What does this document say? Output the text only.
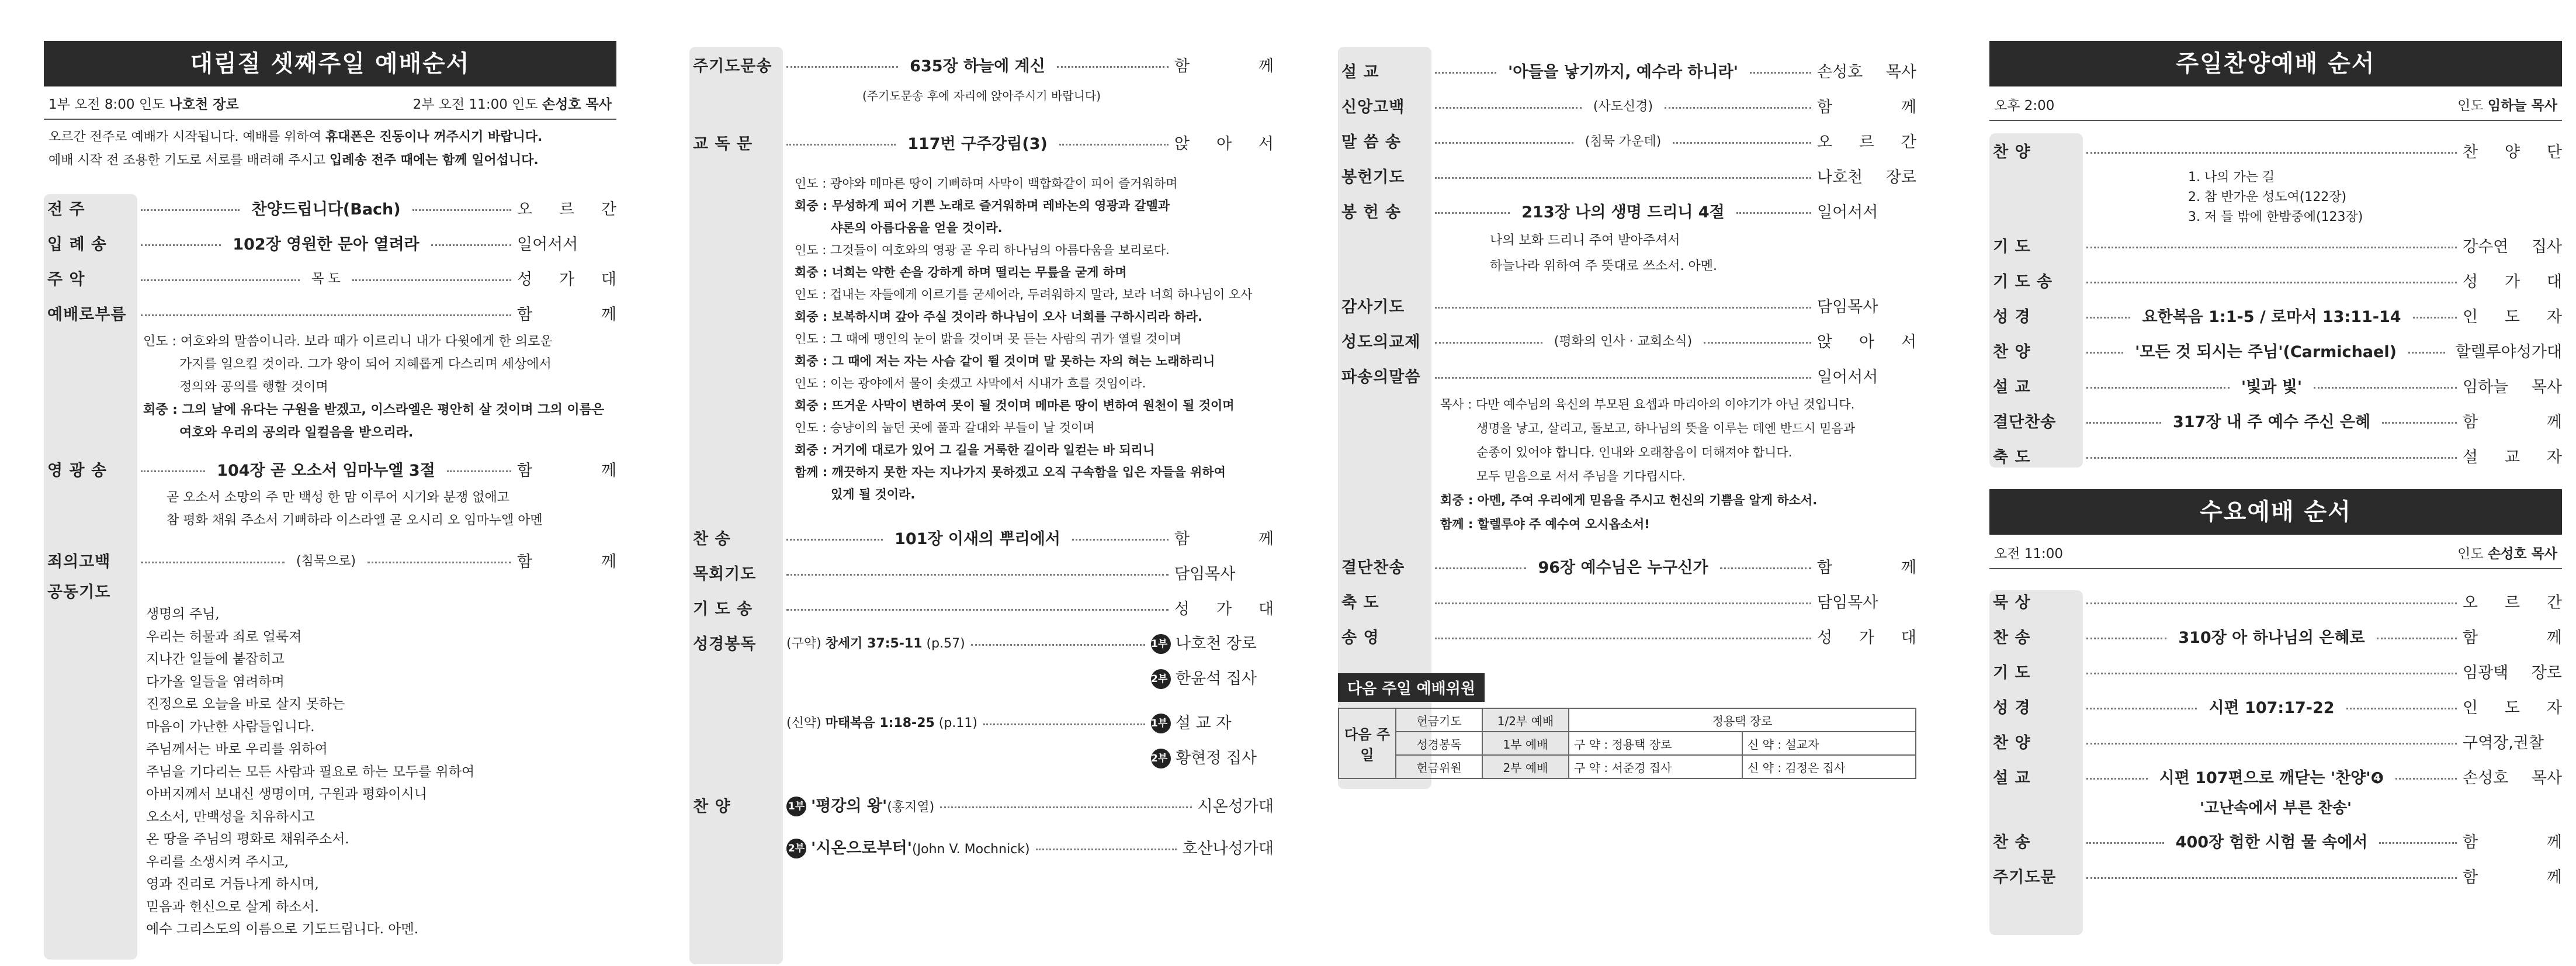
대림절 셋째주일 예배순서
1부 오전 8:00 인도 나호천 장로	2부 오전 11:00 인도 손성호 목사
오르간 전주로 예배가 시작됩니다. 예배를 위하여 휴대폰은 진동이나 꺼주시기 바랍니다.
예배 시작 전 조용한 기도로 서로를 배려해 주시고 입례송 전주 때에는 함께 일어섭니다.
전 주	찬양드립니다(Bach)	오 르 간
입 례 송	102장 영원한 문아 열려라	일어서서
주 악	목 도	성 가 대
예배로부름	함 께
인도 : 여호와의 말씀이니라. 보라 때가 이르리니 내가 다윗에게 한 의로운
가지를 일으킬 것이라. 그가 왕이 되어 지혜롭게 다스리며 세상에서
정의와 공의를 행할 것이며
회중 : 그의 날에 유다는 구원을 받겠고, 이스라엘은 평안히 살 것이며 그의 이름은
여호와 우리의 공의라 일컬음을 받으리라.
영 광 송	104장 곧 오소서 임마누엘 3절	함 께
곧 오소서 소망의 주 만 백성 한 맘 이루어 시기와 분쟁 없애고
참 평화 채워 주소서 기뻐하라 이스라엘 곧 오시리 오 임마누엘 아멘
죄의고백	(침묵으로)	함 께
공동기도
생명의 주님,
우리는 허물과 죄로 얼룩져
지나간 일들에 붙잡히고
다가올 일들을 염려하며
진정으로 오늘을 바로 살지 못하는
마음이 가난한 사람들입니다.
주님께서는 바로 우리를 위하여
주님을 기다리는 모든 사람과 필요로 하는 모두를 위하여
아버지께서 보내신 생명이며, 구원과 평화이시니
오소서, 만백성을 치유하시고
온 땅을 주님의 평화로 채워주소서.
우리를 소생시켜 주시고,
영과 진리로 거듭나게 하시며,
믿음과 헌신으로 살게 하소서.
예수 그리스도의 이름으로 기도드립니다. 아멘.
주기도문송	635장 하늘에 계신	함 께
(주기도문송 후에 자리에 앉아주시기 바랍니다)
교 독 문	117번 구주강림(3)	앉 아 서
인도 : 광야와 메마른 땅이 기뻐하며 사막이 백합화같이 피어 즐거워하며
회중 : 무성하게 피어 기쁜 노래로 즐거워하며 레바논의 영광과 갈멜과
샤론의 아름다움을 얻을 것이라.
인도 : 그것들이 여호와의 영광 곧 우리 하나님의 아름다움을 보리로다.
회중 : 너희는 약한 손을 강하게 하며 떨리는 무릎을 굳게 하며
인도 : 겁내는 자들에게 이르기를 굳세어라, 두려워하지 말라, 보라 너희 하나님이 오사
회중 : 보복하시며 갚아 주실 것이라 하나님이 오사 너희를 구하시리라 하라.
인도 : 그 때에 맹인의 눈이 밝을 것이며 못 듣는 사람의 귀가 열릴 것이며
회중 : 그 때에 저는 자는 사슴 같이 뛸 것이며 말 못하는 자의 혀는 노래하리니
인도 : 이는 광야에서 물이 솟겠고 사막에서 시내가 흐를 것임이라.
회중 : 뜨거운 사막이 변하여 못이 될 것이며 메마른 땅이 변하여 원천이 될 것이며
인도 : 승냥이의 눕던 곳에 풀과 갈대와 부들이 날 것이며
회중 : 거기에 대로가 있어 그 길을 거룩한 길이라 일컫는 바 되리니
함께 : 깨끗하지 못한 자는 지나가지 못하겠고 오직 구속함을 입은 자들을 위하여
있게 될 것이라.
찬 송	101장 이새의 뿌리에서	함 께
목회기도	담임목사
기 도 송	성 가 대
성경봉독	(구약) 창세기 37:5-11 (p.57)	1부 나호천 장로
2부 한윤석 집사
(신약) 마태복음 1:18-25 (p.11)	1부 설 교 자
2부 황현정 집사
찬 양	1부 '평강의 왕'(홍지열)	시온성가대
2부 '시온으로부터'(John V. Mochnick)	호산나성가대
설 교	'아들을 낳기까지, 예수라 하니라'	손성호 목사
신앙고백	(사도신경)	함 께
말 씀 송	(침묵 가운데)	오 르 간
봉헌기도	나호천 장로
봉 헌 송	213장 나의 생명 드리니 4절	일어서서
나의 보화 드리니 주여 받아주셔서
하늘나라 위하여 주 뜻대로 쓰소서. 아멘.
감사기도	담임목사
성도의교제	(평화의 인사 · 교회소식)	앉 아 서
파송의말씀	일어서서
목사 : 다만 예수님의 육신의 부모된 요셉과 마리아의 이야기가 아닌 것입니다.
생명을 낳고, 살리고, 돌보고, 하나님의 뜻을 이루는 데엔 반드시 믿음과
순종이 있어야 합니다. 인내와 오래참음이 더해져야 합니다.
모두 믿음으로 서서 주님을 기다립시다.
회중 : 아멘, 주여 우리에게 믿음을 주시고 헌신의 기쁨을 알게 하소서.
함께 : 할렐루야 주 예수여 오시옵소서!
결단찬송	96장 예수님은 누구신가	함 께
축 도	담임목사
송 영	성 가 대
다음 주일 예배위원
다음 주일	헌금기도	1/2부 예배	정용택 장로	
	성경봉독	1부 예배	구 약 : 정용택 장로	신 약 : 설교자
	헌금위원	2부 예배	구 약 : 서준경 집사	신 약 : 김정은 집사
주일찬양예배 순서
오후 2:00	인도 임하늘 목사
찬 양	찬 양 단
1. 나의 가는 길
2. 참 반가운 성도여(122장)
3. 저 들 밖에 한밤중에(123장)
기 도	강수연 집사
기 도 송	성 가 대
성 경	요한복음 1:1-5 / 로마서 13:11-14	인 도 자
찬 양	'모든 것 되시는 주님'(Carmichael)	할렐루야성가대
설 교	'빛과 빛'	임하늘 목사
결단찬송	317장 내 주 예수 주신 은혜	함 께
축 도	설 교 자
수요예배 순서
오전 11:00	인도 손성호 목사
묵 상	오 르 간
찬 송	310장 아 하나님의 은혜로	함 께
기 도	임광택 장로
성 경	시편 107:17-22	인 도 자
찬 양	구역장,권찰
설 교	시편 107편으로 깨닫는 '찬양'❹	손성호 목사
'고난속에서 부른 찬송'
찬 송	400장 험한 시험 물 속에서	함 께
주기도문	함 께
